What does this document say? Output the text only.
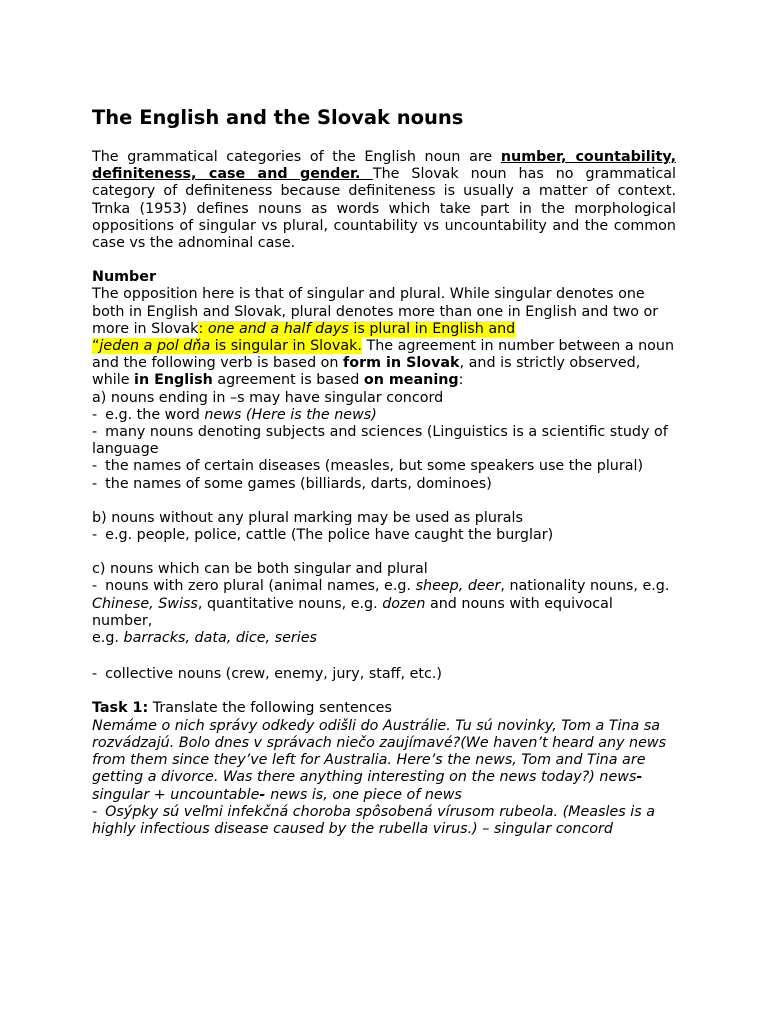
The English and the Slovak nouns

The grammatical categories of the English noun are number, countability, definiteness, case and gender. The Slovak noun has no grammatical category of definiteness because definiteness is usually a matter of context. Trnka (1953) defines nouns as words which take part in the morphological oppositions of singular vs plural, countability vs uncountability and the common case vs the adnominal case.

Number

The opposition here is that of singular and plural. While singular denotes one both in English and Slovak, plural denotes more than one in English and two or more in Slovak: one and a half days is plural in English and
“jeden a pol dňa is singular in Slovak. The agreement in number between a noun and the following verb is based on form in Slovak, and is strictly observed, while in English agreement is based on meaning:

a) nouns ending in –s may have singular concord

- e.g. the word news (Here is the news)

- many nouns denoting subjects and sciences (Linguistics is a scientific study of
language

- the names of certain diseases (measles, but some speakers use the plural)

- the names of some games (billiards, darts, dominoes)

b) nouns without any plural marking may be used as plurals

- e.g. people, police, cattle (The police have caught the burglar)

c) nouns which can be both singular and plural

- nouns with zero plural (animal names, e.g. sheep, deer, nationality nouns, e.g.
Chinese, Swiss, quantitative nouns, e.g. dozen and nouns with equivocal number,
e.g. barracks, data, dice, series

- collective nouns (crew, enemy, jury, staff, etc.)

Task 1: Translate the following sentences

Nemáme o nich správy odkedy odišli do Austrálie. Tu sú novinky, Tom a Tina sa

rozvádzajú. Bolo dnes v správach niečo zaujímavé?(We haven’t heard any news from them since they’ve left for Australia. Here’s the news, Tom and Tina are getting a divorce. Was there anything interesting on the news today?) news- singular + uncountable- news is, one piece of news

- Osýpky sú veľmi infekčná choroba spôsobená vírusom rubeola. (Measles is a highly infectious disease caused by the rubella virus.) – singular concord
